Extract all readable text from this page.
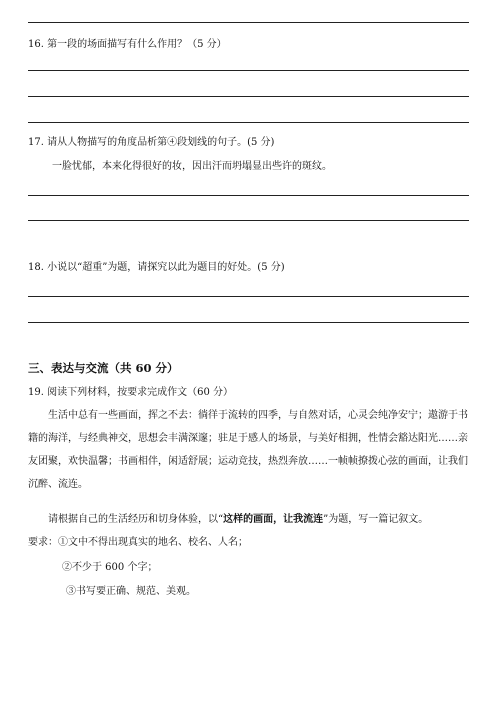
16. 第一段的场面描写有什么作用？（5 分）
17. 请从人物描写的角度品析第④段划线的句子。(5 分)
一脸忧郁，本来化得很好的妆，因出汗而坍塌显出些许的斑纹。
18. 小说以“超重”为题，请探究以此为题目的好处。(5 分)
三、表达与交流（共 60 分）
19. 阅读下列材料，按要求完成作文（60 分）
生活中总有一些画面，挥之不去：徜徉于流转的四季，与自然对话，心灵会纯净安宁；遨游于书籍的海洋，与经典神交，思想会丰满深邃；驻足于感人的场景，与美好相拥，性情会豁达阳光……亲友团聚，欢快温馨；书画相伴，闲适舒展；运动竞技，热烈奔放……一帧帧撩拨心弦的画面，让我们沉醉、流连。
请根据自己的生活经历和切身体验，以“这样的画面，让我流连”为题，写一篇记叙文。
要求：①文中不得出现真实的地名、校名、人名；
②不少于 600 个字；
③书写要正确、规范、美观。
